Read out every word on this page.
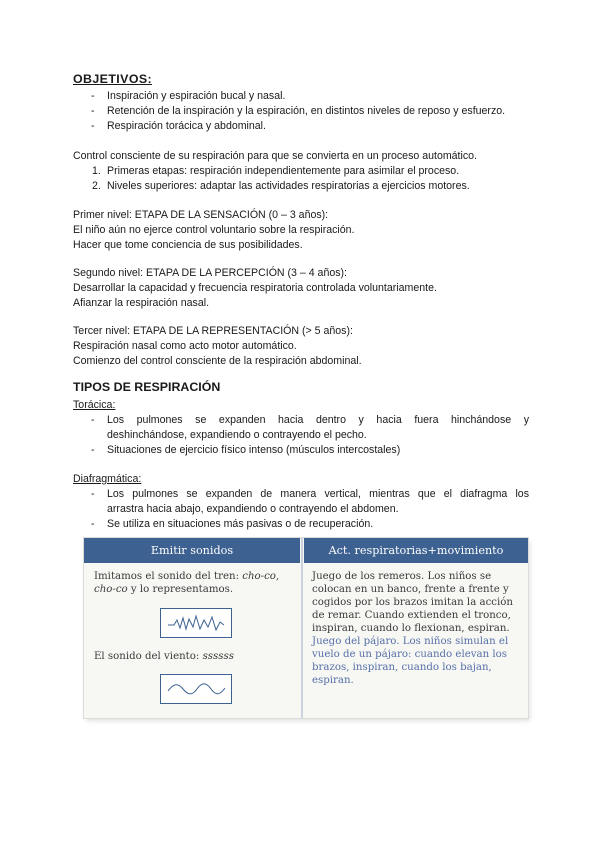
OBJETIVOS:
- Inspiración y espiración bucal y nasal.
- Retención de la inspiración y la espiración, en distintos niveles de reposo y esfuerzo.
- Respiración torácica y abdominal.
Control consciente de su respiración para que se convierta en un proceso automático.
1. Primeras etapas: respiración independientemente para asimilar el proceso.
2. Niveles superiores: adaptar las actividades respiratorias a ejercicios motores.
Primer nivel: ETAPA DE LA SENSACIÓN (0 – 3 años):
El niño aún no ejerce control voluntario sobre la respiración.
Hacer que tome conciencia de sus posibilidades.
Segundo nivel: ETAPA DE LA PERCEPCIÓN (3 – 4 años):
Desarrollar la capacidad y frecuencia respiratoria controlada voluntariamente.
Afianzar la respiración nasal.
Tercer nivel: ETAPA DE LA REPRESENTACIÓN (> 5 años):
Respiración nasal como acto motor automático.
Comienzo del control consciente de la respiración abdominal.
TIPOS DE RESPIRACIÓN
Torácica:
- Los pulmones se expanden hacia dentro y hacia fuera hinchándose y
deshinchándose, expandiendo o contrayendo el pecho.
- Situaciones de ejercicio físico intenso (músculos intercostales)
Diafragmática:
- Los pulmones se expanden de manera vertical, mientras que el diafragma los
arrastra hacia abajo, expandiendo o contrayendo el abdomen.
- Se utiliza en situaciones más pasivas o de recuperación.
Emitir sonidos	Act. respiratorias+movimiento
Imitamos el sonido del tren: cho-co, cho-co y lo representamos.
El sonido del viento: ssssss
Juego de los remeros. Los niños se colocan en un banco, frente a frente y cogidos por los brazos imitan la acción de remar. Cuando extienden el tronco, inspiran, cuando lo flexionan, espiran.
Juego del pájaro. Los niños simulan el vuelo de un pájaro: cuando elevan los brazos, inspiran, cuando los bajan, espiran.
